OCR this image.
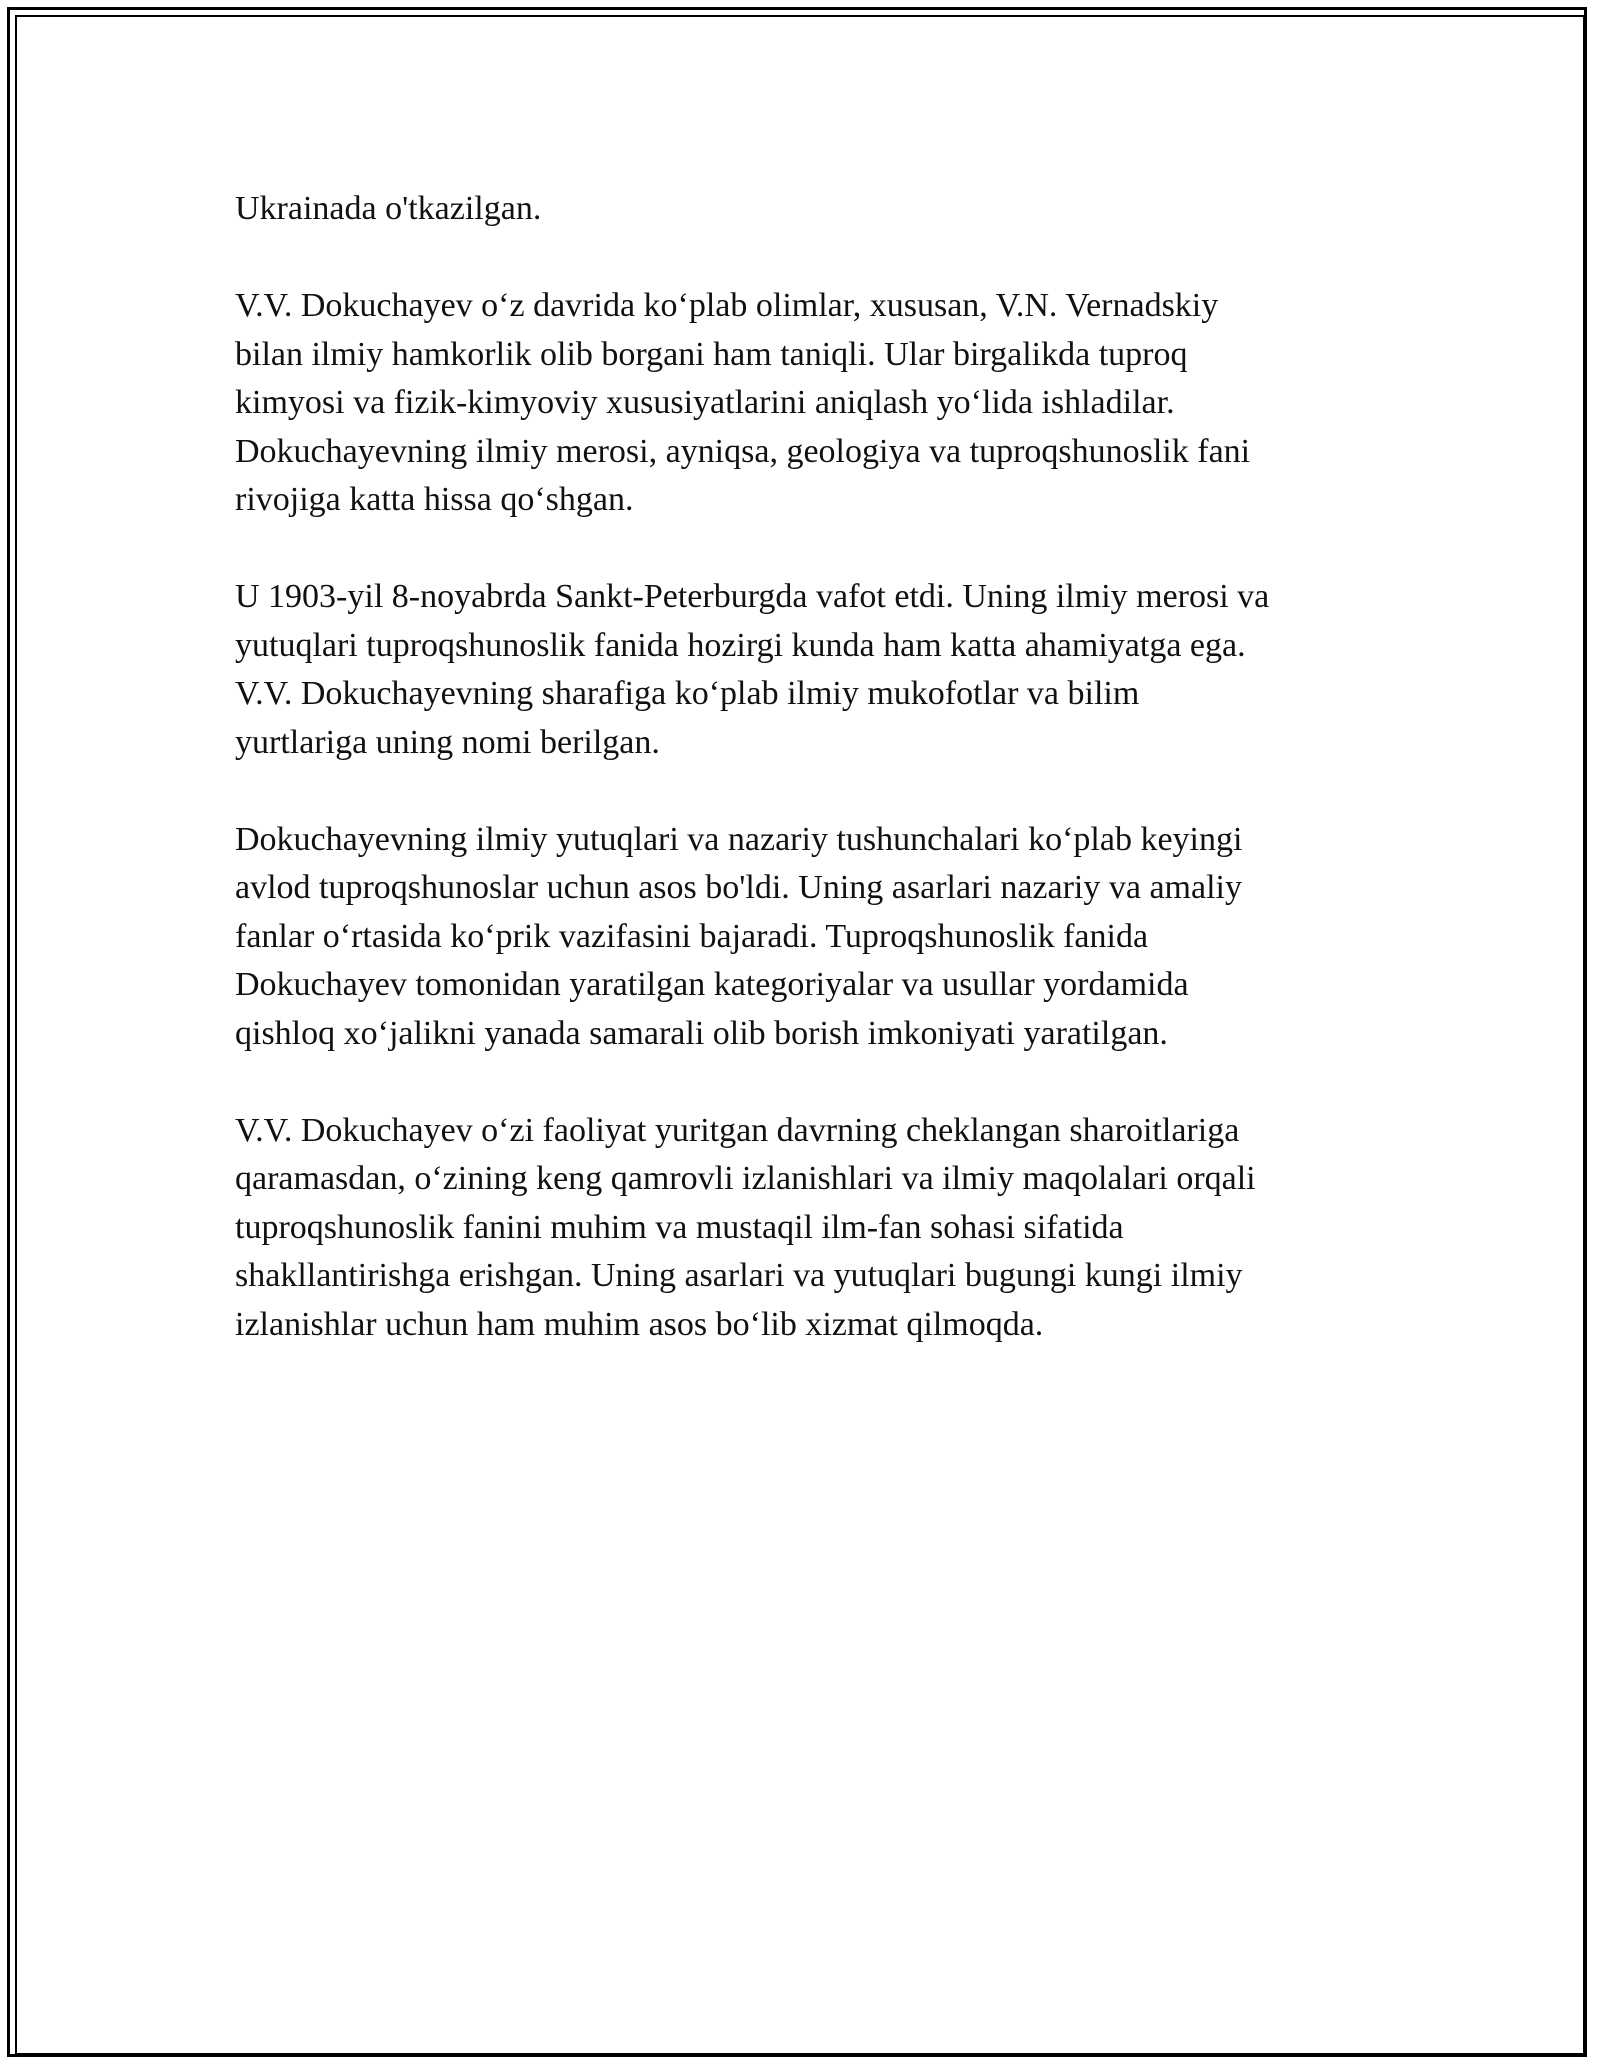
Ukrainada o'tkazilgan.

V.V. Dokuchayev o‘z davrida ko‘plab olimlar, xususan, V.N. Vernadskiy
bilan ilmiy hamkorlik olib borgani ham taniqli. Ular birgalikda tuproq
kimyosi va fizik-kimyoviy xususiyatlarini aniqlash yo‘lida ishladilar.
Dokuchayevning ilmiy merosi, ayniqsa, geologiya va tuproqshunoslik fani
rivojiga katta hissa qo‘shgan.

U 1903-yil 8-noyabrda Sankt-Peterburgda vafot etdi. Uning ilmiy merosi va
yutuqlari tuproqshunoslik fanida hozirgi kunda ham katta ahamiyatga ega.
V.V. Dokuchayevning sharafiga ko‘plab ilmiy mukofotlar va bilim
yurtlariga uning nomi berilgan.

Dokuchayevning ilmiy yutuqlari va nazariy tushunchalari ko‘plab keyingi
avlod tuproqshunoslar uchun asos bo'ldi. Uning asarlari nazariy va amaliy
fanlar o‘rtasida ko‘prik vazifasini bajaradi. Tuproqshunoslik fanida
Dokuchayev tomonidan yaratilgan kategoriyalar va usullar yordamida
qishloq xo‘jalikni yanada samarali olib borish imkoniyati yaratilgan.

V.V. Dokuchayev o‘zi faoliyat yuritgan davrning cheklangan sharoitlariga
qaramasdan, o‘zining keng qamrovli izlanishlari va ilmiy maqolalari orqali
tuproqshunoslik fanini muhim va mustaqil ilm-fan sohasi sifatida
shakllantirishga erishgan. Uning asarlari va yutuqlari bugungi kungi ilmiy
izlanishlar uchun ham muhim asos bo‘lib xizmat qilmoqda.
